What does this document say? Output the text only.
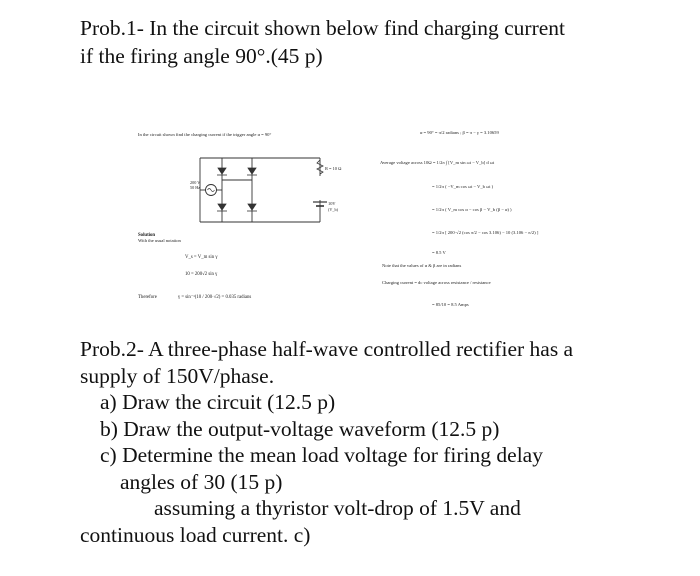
Prob.1- In the circuit shown below find charging current
if the firing angle 90°.(45 p)
In the circuit shown find the charging current if the trigger angle α = 90°
200 V
50 Hz
R = 10 Ω
10V
(V_b)
Solution
With the usual notation
V_s = V_m sin γ
10 = 200√2 sin γ
Therefore	γ = sin⁻¹(10 / 200·√2) = 0.035 radians
α = 90° = π/2 radians ; β = π − γ = 3.10659
Average voltage across 10Ω = 1/2π ∫ [V_m sin ωt − V_b] d ωt
= 1/2π ( −V_m cos ωt − V_b ωt )
= 1/2π ( V_m cos α − cos β − V_b (β − α) )
= 1/2π [ 200·√2 (cos π/2 − cos 3.106) − 10 (3.106 − π/2) ]
= 8.5 V
Note that the values of α & β are in radians
Charging current = dc voltage across resistance / resistance
= 85/10 = 8.5 Amps

Prob.2- A three-phase half-wave controlled rectifier has a

supply of 150V/phase.

a) Draw the circuit (12.5 p)

b) Draw the output-voltage waveform (12.5 p)

c) Determine the mean load voltage for firing delay

angles of 30 (15 p)

assuming a thyristor volt-drop of 1.5V and

continuous load current. c)
